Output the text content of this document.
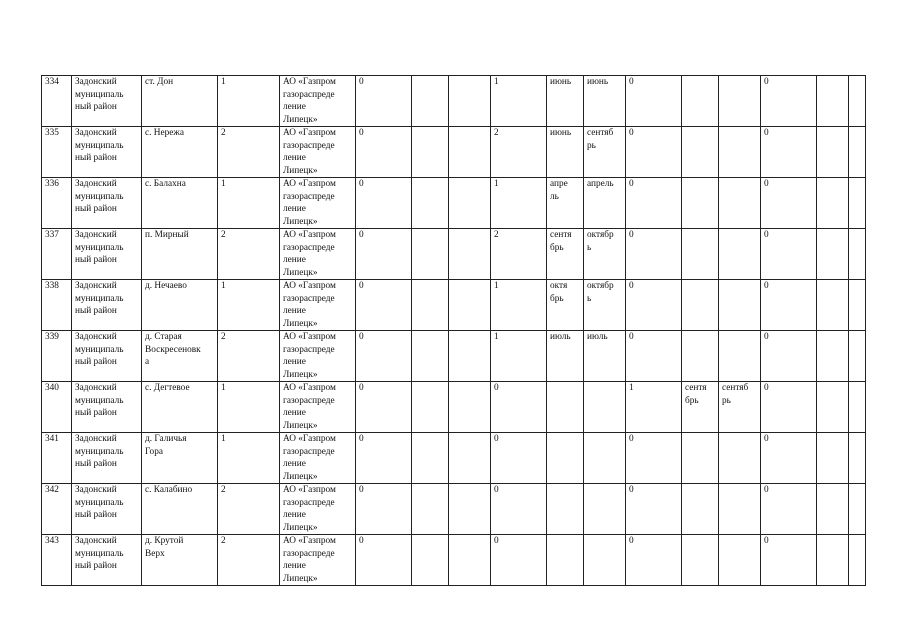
334	Задонский
муниципаль
ный район	ст. Дон	1	АО «Газпром
газораспреде
ление
Липецк»	0			1	июнь	июнь	0			0		
335	Задонский
муниципаль
ный район	с. Нережа	2	АО «Газпром
газораспреде
ление
Липецк»	0			2	июнь	сентяб
рь	0			0		
336	Задонский
муниципаль
ный район	с. Балахна	1	АО «Газпром
газораспреде
ление
Липецк»	0			1	апре
ль	апрель	0			0		
337	Задонский
муниципаль
ный район	п. Мирный	2	АО «Газпром
газораспреде
ление
Липецк»	0			2	сентя
брь	октябр
ь	0			0		
338	Задонский
муниципаль
ный район	д. Нечаево	1	АО «Газпром
газораспреде
ление
Липецк»	0			1	октя
брь	октябр
ь	0			0		
339	Задонский
муниципаль
ный район	д. Старая
Воскресеновк
а	2	АО «Газпром
газораспреде
ление
Липецк»	0			1	июль	июль	0			0		
340	Задонский
муниципаль
ный район	с. Дегтевое	1	АО «Газпром
газораспреде
ление
Липецк»	0			0			1	сентя
брь	сентяб
рь	0		
341	Задонский
муниципаль
ный район	д. Галичья
Гора	1	АО «Газпром
газораспреде
ление
Липецк»	0			0			0			0		
342	Задонский
муниципаль
ный район	с. Калабино	2	АО «Газпром
газораспреде
ление
Липецк»	0			0			0			0		
343	Задонский
муниципаль
ный район	д. Крутой
Верх	2	АО «Газпром
газораспреде
ление
Липецк»	0			0			0			0		
